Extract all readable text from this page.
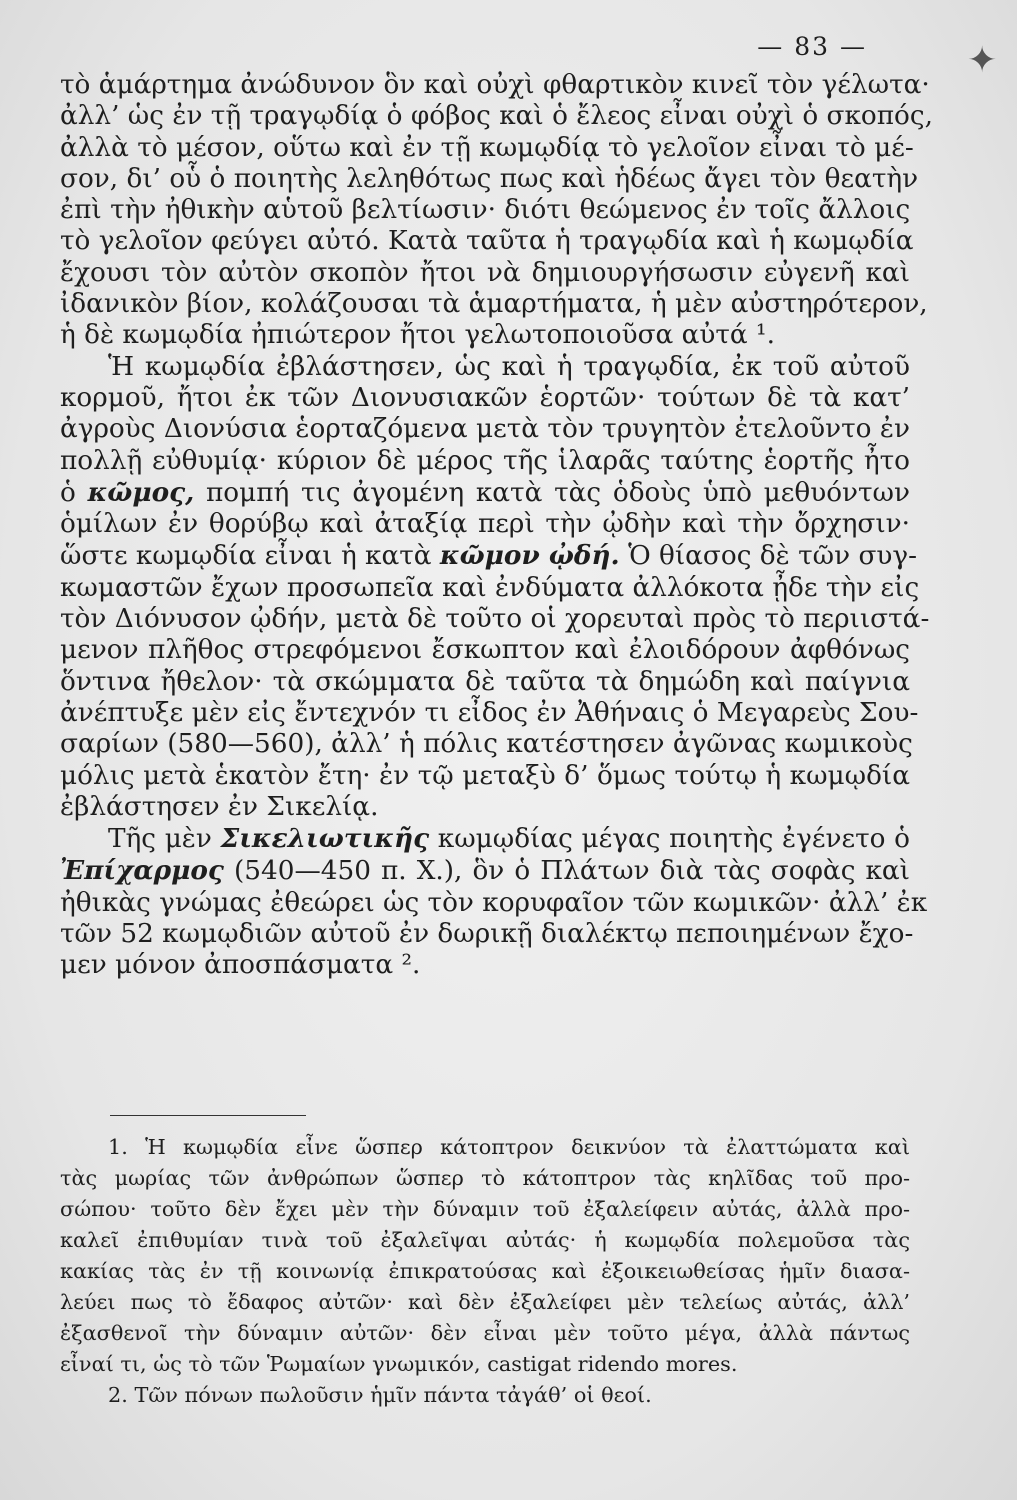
— 83 —	✦
τὸ ἁμάρτημα ἀνώδυνον ὃν καὶ οὐχὶ φθαρτικὸν κινεῖ τὸν γέλωτα·
ἀλλ’ ὡς ἐν τῇ τραγῳδίᾳ ὁ φόβος καὶ ὁ ἔλεος εἶναι οὐχὶ ὁ σκοπός,
ἀλλὰ τὸ μέσον, οὕτω καὶ ἐν τῇ κωμῳδίᾳ τὸ γελοῖον εἶναι τὸ μέ-
σον, δι’ οὗ ὁ ποιητὴς λεληθότως πως καὶ ἡδέως ἄγει τὸν θεατὴν
ἐπὶ τὴν ἠθικὴν αὑτοῦ βελτίωσιν· διότι θεώμενος ἐν τοῖς ἄλλοις
τὸ γελοῖον φεύγει αὐτό. Κατὰ ταῦτα ἡ τραγῳδία καὶ ἡ κωμῳδία
ἔχουσι τὸν αὐτὸν σκοπὸν ἤτοι νὰ δημιουργήσωσιν εὐγενῆ καὶ
ἰδανικὸν βίον, κολάζουσαι τὰ ἁμαρτήματα, ἡ μὲν αὐστηρότερον,
ἡ δὲ κωμῳδία ἠπιώτερον ἤτοι γελωτοποιοῦσα αὐτά ¹.
Ἡ κωμῳδία ἐβλάστησεν, ὡς καὶ ἡ τραγῳδία, ἐκ τοῦ αὐτοῦ
κορμοῦ, ἤτοι ἐκ τῶν Διονυσιακῶν ἑορτῶν· τούτων δὲ τὰ κατ’
ἀγροὺς Διονύσια ἑορταζόμενα μετὰ τὸν τρυγητὸν ἐτελοῦντο ἐν
πολλῇ εὐθυμίᾳ· κύριον δὲ μέρος τῆς ἱλαρᾶς ταύτης ἑορτῆς ἦτο
ὁ κῶμος, πομπή τις ἀγομένη κατὰ τὰς ὁδοὺς ὑπὸ μεθυόντων
ὁμίλων ἐν θορύβῳ καὶ ἀταξίᾳ περὶ τὴν ᾠδὴν καὶ τὴν ὄρχησιν·
ὥστε κωμῳδία εἶναι ἡ κατὰ κῶμον ᾠδή. Ὁ θίασος δὲ τῶν συγ-
κωμαστῶν ἔχων προσωπεῖα καὶ ἐνδύματα ἀλλόκοτα ᾖδε τὴν εἰς
τὸν Διόνυσον ᾠδήν, μετὰ δὲ τοῦτο οἱ χορευταὶ πρὸς τὸ περιιστά-
μενον πλῆθος στρεφόμενοι ἔσκωπτον καὶ ἐλοιδόρουν ἀφθόνως
ὅντινα ἤθελον· τὰ σκώμματα δὲ ταῦτα τὰ δημώδη καὶ παίγνια
ἀνέπτυξε μὲν εἰς ἔντεχνόν τι εἶδος ἐν Ἀθήναις ὁ Μεγαρεὺς Σου-
σαρίων (580—560), ἀλλ’ ἡ πόλις κατέστησεν ἀγῶνας κωμικοὺς
μόλις μετὰ ἑκατὸν ἔτη· ἐν τῷ μεταξὺ δ’ ὅμως τούτῳ ἡ κωμῳδία
ἐβλάστησεν ἐν Σικελίᾳ.
Τῆς μὲν Σικελιωτικῆς κωμῳδίας μέγας ποιητὴς ἐγένετο ὁ
Ἐπίχαρμος (540—450 π. Χ.), ὃν ὁ Πλάτων διὰ τὰς σοφὰς καὶ
ἠθικὰς γνώμας ἐθεώρει ὡς τὸν κορυφαῖον τῶν κωμικῶν· ἀλλ’ ἐκ
τῶν 52 κωμῳδιῶν αὐτοῦ ἐν δωρικῇ διαλέκτῳ πεποιημένων ἔχο-
μεν μόνον ἀποσπάσματα ².
1. Ἡ κωμῳδία εἶνε ὥσπερ κάτοπτρον δεικνύον τὰ ἐλαττώματα καὶ
τὰς μωρίας τῶν ἀνθρώπων ὥσπερ τὸ κάτοπτρον τὰς κηλῖδας τοῦ προ-
σώπου· τοῦτο δὲν ἔχει μὲν τὴν δύναμιν τοῦ ἐξαλείφειν αὐτάς, ἀλλὰ προ-
καλεῖ ἐπιθυμίαν τινὰ τοῦ ἐξαλεῖψαι αὐτάς· ἡ κωμῳδία πολεμοῦσα τὰς
κακίας τὰς ἐν τῇ κοινωνίᾳ ἐπικρατούσας καὶ ἐξοικειωθείσας ἡμῖν διασα-
λεύει πως τὸ ἔδαφος αὐτῶν· καὶ δὲν ἐξαλείφει μὲν τελείως αὐτάς, ἀλλ’
ἐξασθενοῖ τὴν δύναμιν αὐτῶν· δὲν εἶναι μὲν τοῦτο μέγα, ἀλλὰ πάντως
εἶναί τι, ὡς τὸ τῶν Ῥωμαίων γνωμικόν, castigat ridendo mores.
2. Τῶν πόνων πωλοῦσιν ἡμῖν πάντα τἀγάθ’ οἱ θεοί.
